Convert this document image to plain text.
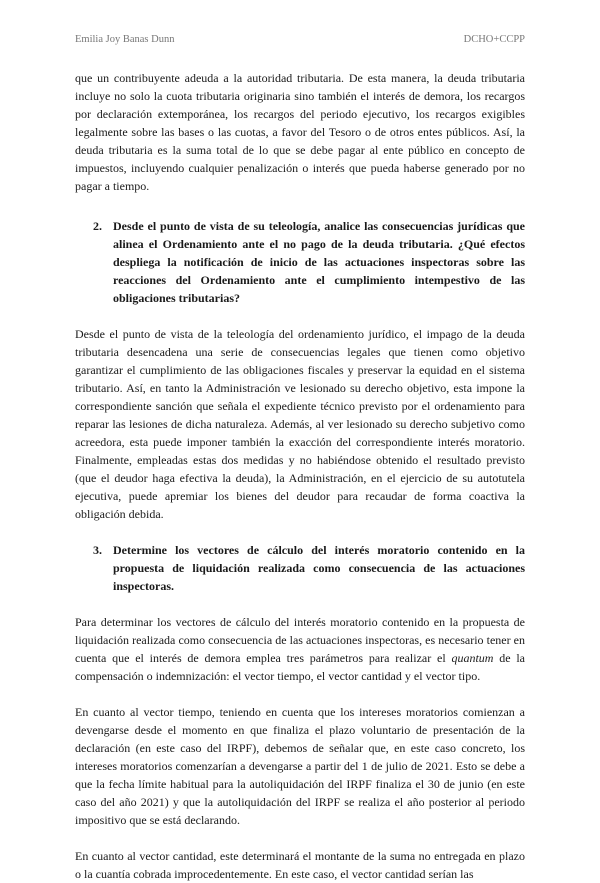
Emilia Joy Banas Dunn	DCHO+CCPP

que un contribuyente adeuda a la autoridad tributaria. De esta manera, la deuda tributaria incluye no solo la cuota tributaria originaria sino también el interés de demora, los recargos por declaración extemporánea, los recargos del periodo ejecutivo, los recargos exigibles legalmente sobre las bases o las cuotas, a favor del Tesoro o de otros entes públicos. Así, la deuda tributaria es la suma total de lo que se debe pagar al ente público en concepto de impuestos, incluyendo cualquier penalización o interés que pueda haberse generado por no pagar a tiempo.

2. Desde el punto de vista de su teleología, analice las consecuencias jurídicas que alinea el Ordenamiento ante el no pago de la deuda tributaria. ¿Qué efectos despliega la notificación de inicio de las actuaciones inspectoras sobre las reacciones del Ordenamiento ante el cumplimiento intempestivo de las obligaciones tributarias?

Desde el punto de vista de la teleología del ordenamiento jurídico, el impago de la deuda tributaria desencadena una serie de consecuencias legales que tienen como objetivo garantizar el cumplimiento de las obligaciones fiscales y preservar la equidad en el sistema tributario. Así, en tanto la Administración ve lesionado su derecho objetivo, esta impone la correspondiente sanción que señala el expediente técnico previsto por el ordenamiento para reparar las lesiones de dicha naturaleza. Además, al ver lesionado su derecho subjetivo como acreedora, esta puede imponer también la exacción del correspondiente interés moratorio. Finalmente, empleadas estas dos medidas y no habiéndose obtenido el resultado previsto (que el deudor haga efectiva la deuda), la Administración, en el ejercicio de su autotutela ejecutiva, puede apremiar los bienes del deudor para recaudar de forma coactiva la obligación debida.

3. Determine los vectores de cálculo del interés moratorio contenido en la propuesta de liquidación realizada como consecuencia de las actuaciones inspectoras.

Para determinar los vectores de cálculo del interés moratorio contenido en la propuesta de liquidación realizada como consecuencia de las actuaciones inspectoras, es necesario tener en cuenta que el interés de demora emplea tres parámetros para realizar el quantum de la compensación o indemnización: el vector tiempo, el vector cantidad y el vector tipo.

En cuanto al vector tiempo, teniendo en cuenta que los intereses moratorios comienzan a devengarse desde el momento en que finaliza el plazo voluntario de presentación de la declaración (en este caso del IRPF), debemos de señalar que, en este caso concreto, los intereses moratorios comenzarían a devengarse a partir del 1 de julio de 2021. Esto se debe a que la fecha límite habitual para la autoliquidación del IRPF finaliza el 30 de junio (en este caso del año 2021) y que la autoliquidación del IRPF se realiza el año posterior al periodo impositivo que se está declarando.

En cuanto al vector cantidad, este determinará el montante de la suma no entregada en plazo o la cuantía cobrada improcedentemente. En este caso, el vector cantidad serían las
